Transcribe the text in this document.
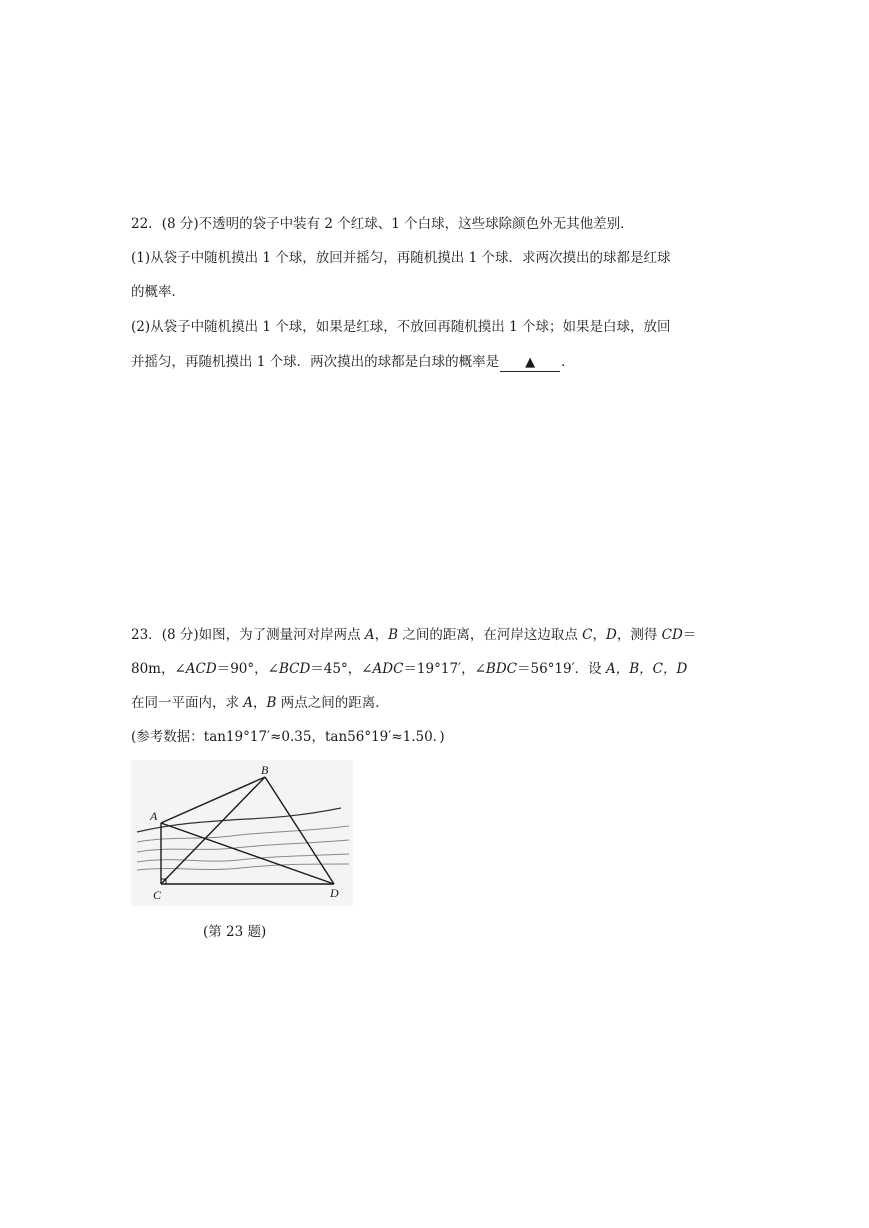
22．(8 分)不透明的袋子中装有 2 个红球、1 个白球，这些球除颜色外无其他差别．
(1)从袋子中随机摸出 1 个球，放回并摇匀，再随机摸出 1 个球．求两次摸出的球都是红球
的概率．
(2)从袋子中随机摸出 1 个球，如果是红球，不放回再随机摸出 1 个球；如果是白球，放回
并摇匀，再随机摸出 1 个球．两次摸出的球都是白球的概率是 ▲ ．
23．(8 分)如图，为了测量河对岸两点 A，B 之间的距离，在河岸这边取点 C，D，测得 CD＝
80m，∠ACD＝90°，∠BCD＝45°，∠ADC＝19°17′，∠BDC＝56°19′．设 A，B，C，D
在同一平面内，求 A，B 两点之间的距离．
(参考数据：tan19°17′≈0.35，tan56°19′≈1.50．)
B
A
C	D
(第 23 题)
